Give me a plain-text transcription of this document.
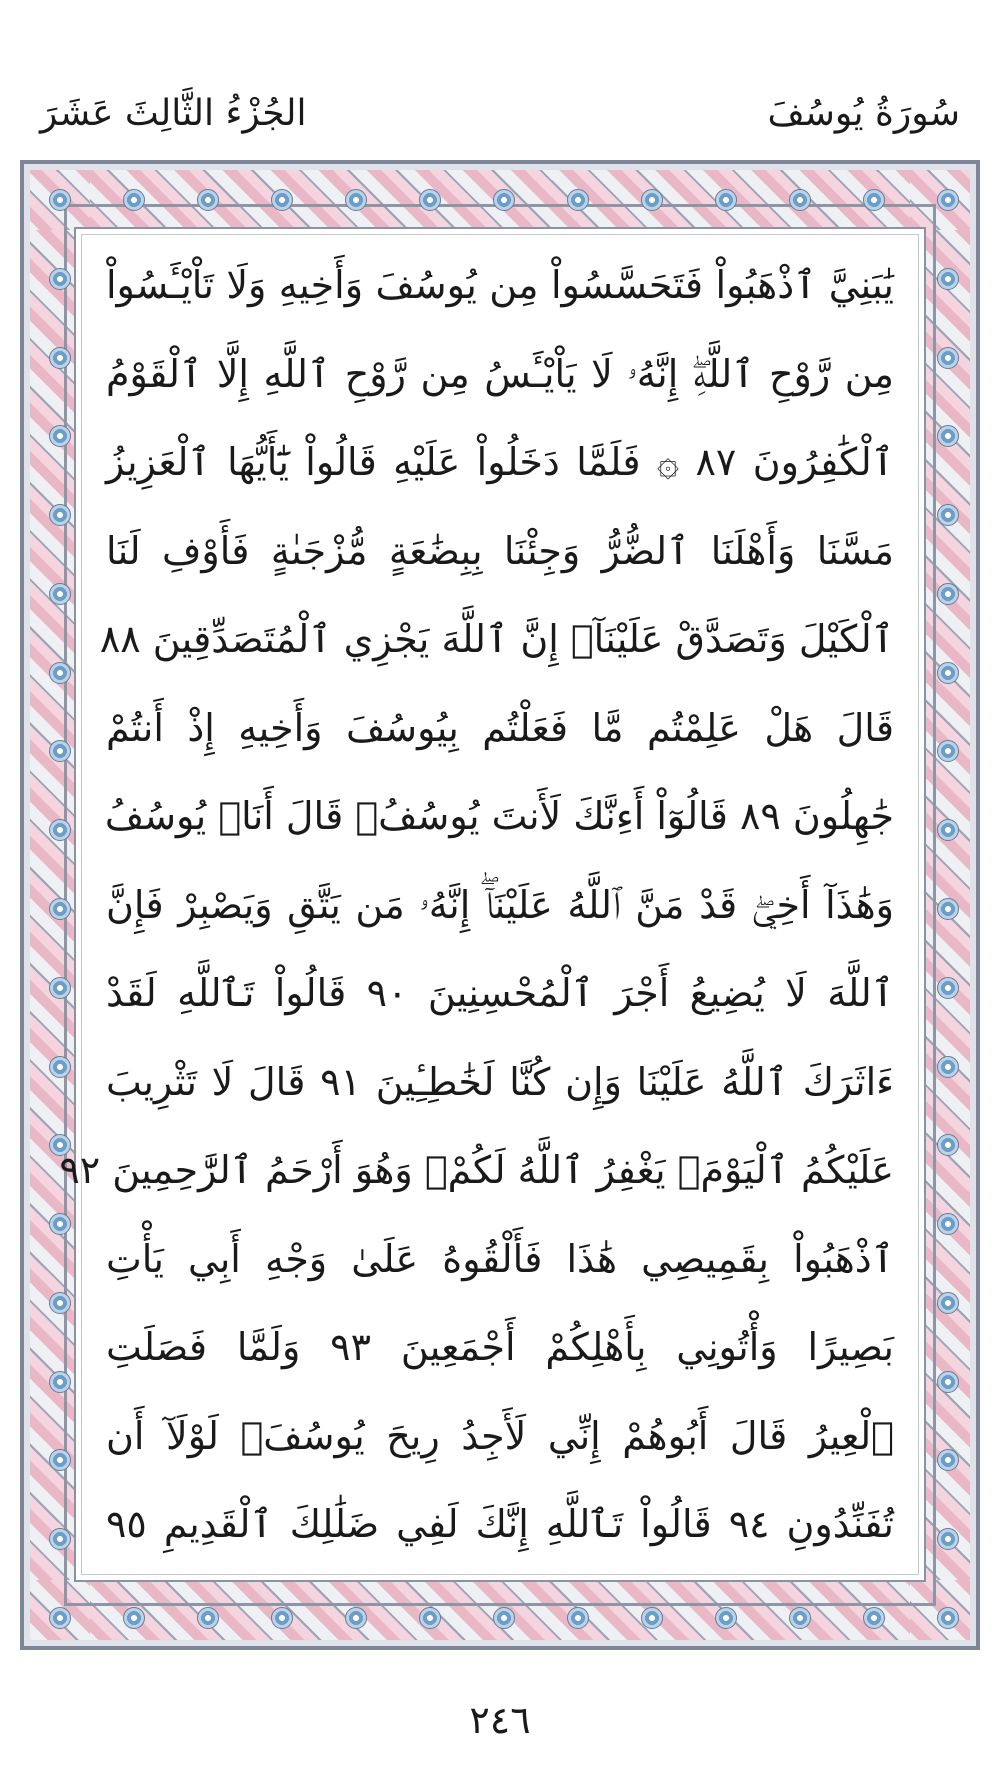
سُورَةُ يُوسُفَ
الجُزْءُ الثَّالِثَ عَشَرَ
يَٰبَنِيَّ ٱذْهَبُواْ فَتَحَسَّسُواْ مِن يُوسُفَ وَأَخِيهِ وَلَا تَاْيْـَٔسُواْ
مِن رَّوْحِ ٱللَّهِۖ إِنَّهُۥ لَا يَاْيْـَٔسُ مِن رَّوْحِ ٱللَّهِ إِلَّا ٱلْقَوْمُ
ٱلْكَٰفِرُونَ ٨٧ ۞ فَلَمَّا دَخَلُواْ عَلَيْهِ قَالُواْ يَٰٓأَيُّهَا ٱلْعَزِيزُ
مَسَّنَا وَأَهْلَنَا ٱلضُّرُّ وَجِئْنَا بِبِضَٰعَةٍ مُّزْجَىٰةٍ فَأَوْفِ لَنَا
ٱلْكَيْلَ وَتَصَدَّقْ عَلَيْنَآۖ إِنَّ ٱللَّهَ يَجْزِي ٱلْمُتَصَدِّقِينَ ٨٨
قَالَ هَلْ عَلِمْتُم مَّا فَعَلْتُم بِيُوسُفَ وَأَخِيهِ إِذْ أَنتُمْ
جَٰهِلُونَ ٨٩ قَالُوٓاْ أَءِنَّكَ لَأَنتَ يُوسُفُۖ قَالَ أَنَا۠ يُوسُفُ
وَهَٰذَآ أَخِيۖ قَدْ مَنَّ ٱللَّهُ عَلَيْنَآۖ إِنَّهُۥ مَن يَتَّقِ وَيَصْبِرْ فَإِنَّ
ٱللَّهَ لَا يُضِيعُ أَجْرَ ٱلْمُحْسِنِينَ ٩٠ قَالُواْ تَٱللَّهِ لَقَدْ
ءَاثَرَكَ ٱللَّهُ عَلَيْنَا وَإِن كُنَّا لَخَٰطِـِٔينَ ٩١ قَالَ لَا تَثْرِيبَ
عَلَيْكُمُ ٱلْيَوْمَۖ يَغْفِرُ ٱللَّهُ لَكُمْۖ وَهُوَ أَرْحَمُ ٱلرَّٰحِمِينَ ٩٢
ٱذْهَبُواْ بِقَمِيصِي هَٰذَا فَأَلْقُوهُ عَلَىٰ وَجْهِ أَبِي يَأْتِ
بَصِيرًا وَأْتُونِي بِأَهْلِكُمْ أَجْمَعِينَ ٩٣ وَلَمَّا فَصَلَتِ
ٱلْعِيرُ قَالَ أَبُوهُمْ إِنِّي لَأَجِدُ رِيحَ يُوسُفَۖ لَوْلَآ أَن
تُفَنِّدُونِ ٩٤ قَالُواْ تَٱللَّهِ إِنَّكَ لَفِي ضَلَٰلِكَ ٱلْقَدِيمِ ٩٥
٢٤٦
